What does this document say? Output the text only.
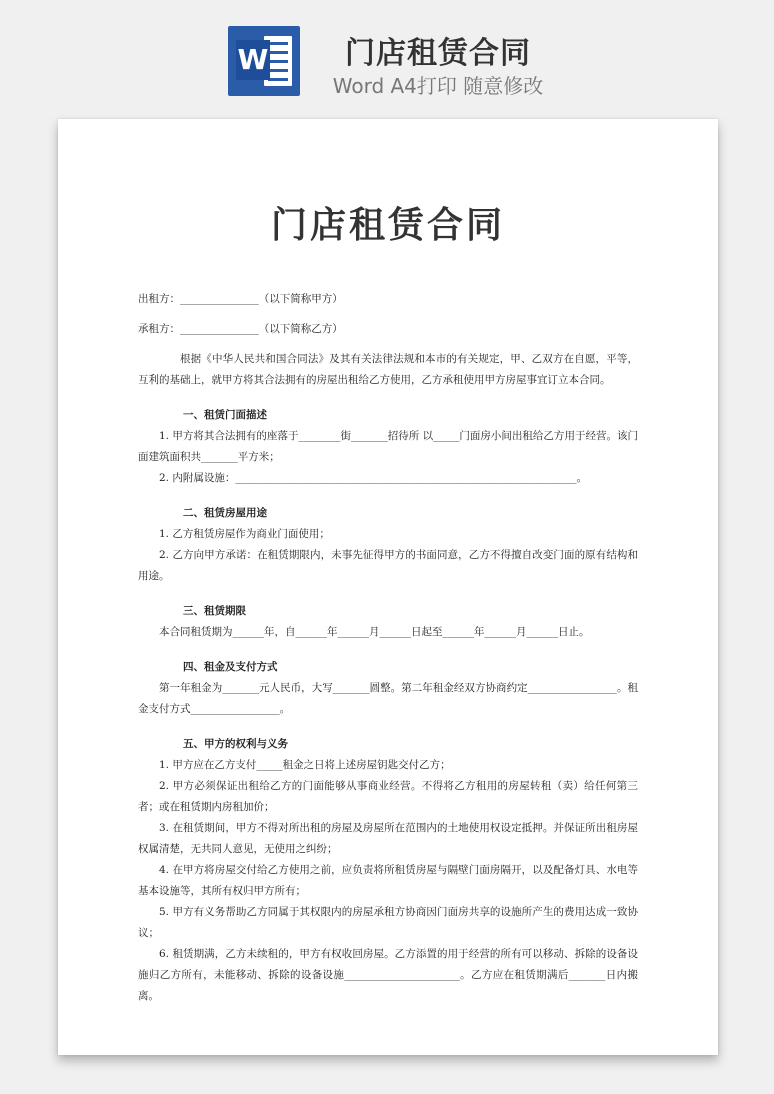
W	门店租赁合同
Word A4打印 随意修改
门店租赁合同
出租方：_______________（以下简称甲方）
承租方：_______________（以下简称乙方）
根据《中华人民共和国合同法》及其有关法律法规和本市的有关规定，甲、乙双方在自愿，平等，互利的基础上，就甲方将其合法拥有的房屋出租给乙方使用，乙方承租使用甲方房屋事宜订立本合同。
一、租赁门面描述
1. 甲方将其合法拥有的座落于________街_______招待所 以_____门面房小间出租给乙方用于经营。该门面建筑面积共_______平方米；
2. 内附属设施：_________________________________________________________________。
二、租赁房屋用途
1. 乙方租赁房屋作为商业门面使用；
2. 乙方向甲方承诺：在租赁期限内，未事先征得甲方的书面同意，乙方不得擅自改变门面的原有结构和用途。
三、租赁期限
本合同租赁期为______年，自______年______月______日起至______年______月______日止。
四、租金及支付方式
第一年租金为_______元人民币，大写_______圆整。第二年租金经双方协商约定_________________。租金支付方式_________________。
五、甲方的权利与义务
1. 甲方应在乙方支付_____租金之日将上述房屋钥匙交付乙方；
2. 甲方必须保证出租给乙方的门面能够从事商业经营。不得将乙方租用的房屋转租（卖）给任何第三者；或在租赁期内房租加价；
3. 在租赁期间，甲方不得对所出租的房屋及房屋所在范围内的土地使用权设定抵押。并保证所出租房屋权属清楚，无共同人意见，无使用之纠纷；
4. 在甲方将房屋交付给乙方使用之前，应负责将所租赁房屋与隔壁门面房隔开，以及配备灯具、水电等基本设施等，其所有权归甲方所有；
5. 甲方有义务帮助乙方同属于其权限内的房屋承租方协商因门面房共享的设施所产生的费用达成一致协议；
6. 租赁期满，乙方未续租的，甲方有权收回房屋。乙方添置的用于经营的所有可以移动、拆除的设备设施归乙方所有，未能移动、拆除的设备设施______________________。乙方应在租赁期满后_______日内搬离。
